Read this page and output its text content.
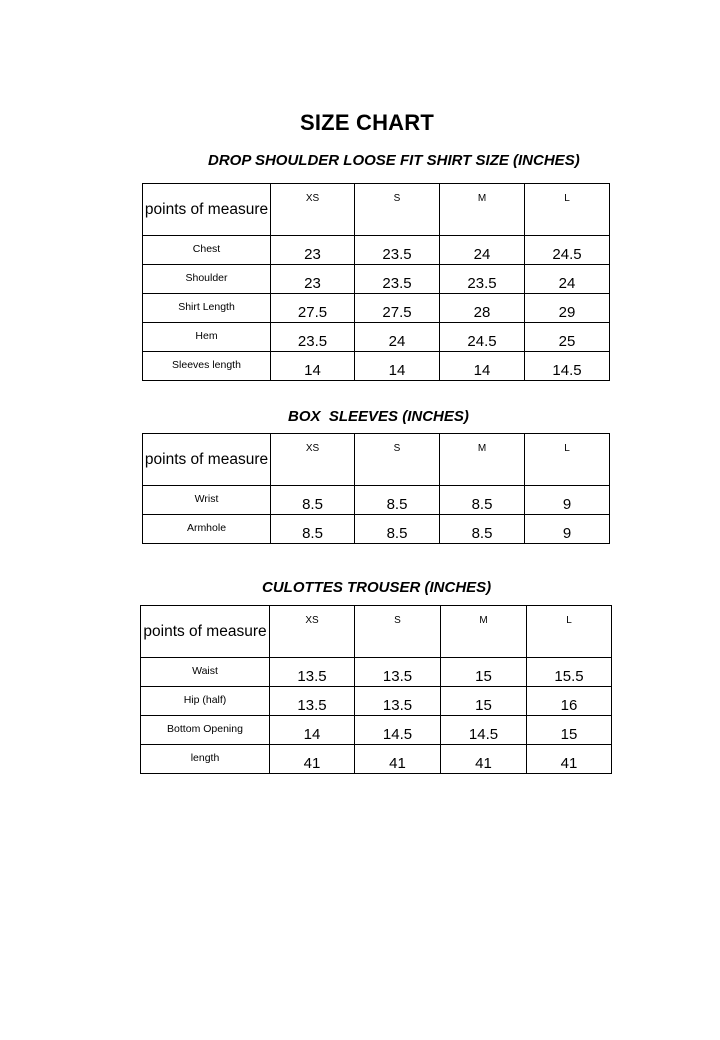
SIZE CHART
DROP SHOULDER LOOSE FIT SHIRT SIZE (INCHES)
points of measure	XS	S	M	L
Chest	23	23.5	24	24.5
Shoulder	23	23.5	23.5	24
Shirt Length	27.5	27.5	28	29
Hem	23.5	24	24.5	25
Sleeves length	14	14	14	14.5
BOX  SLEEVES (INCHES)
points of measure	XS	S	M	L
Wrist	8.5	8.5	8.5	9
Armhole	8.5	8.5	8.5	9
CULOTTES TROUSER (INCHES)
points of measure	XS	S	M	L
Waist	13.5	13.5	15	15.5
Hip (half)	13.5	13.5	15	16
Bottom Opening	14	14.5	14.5	15
length	41	41	41	41
